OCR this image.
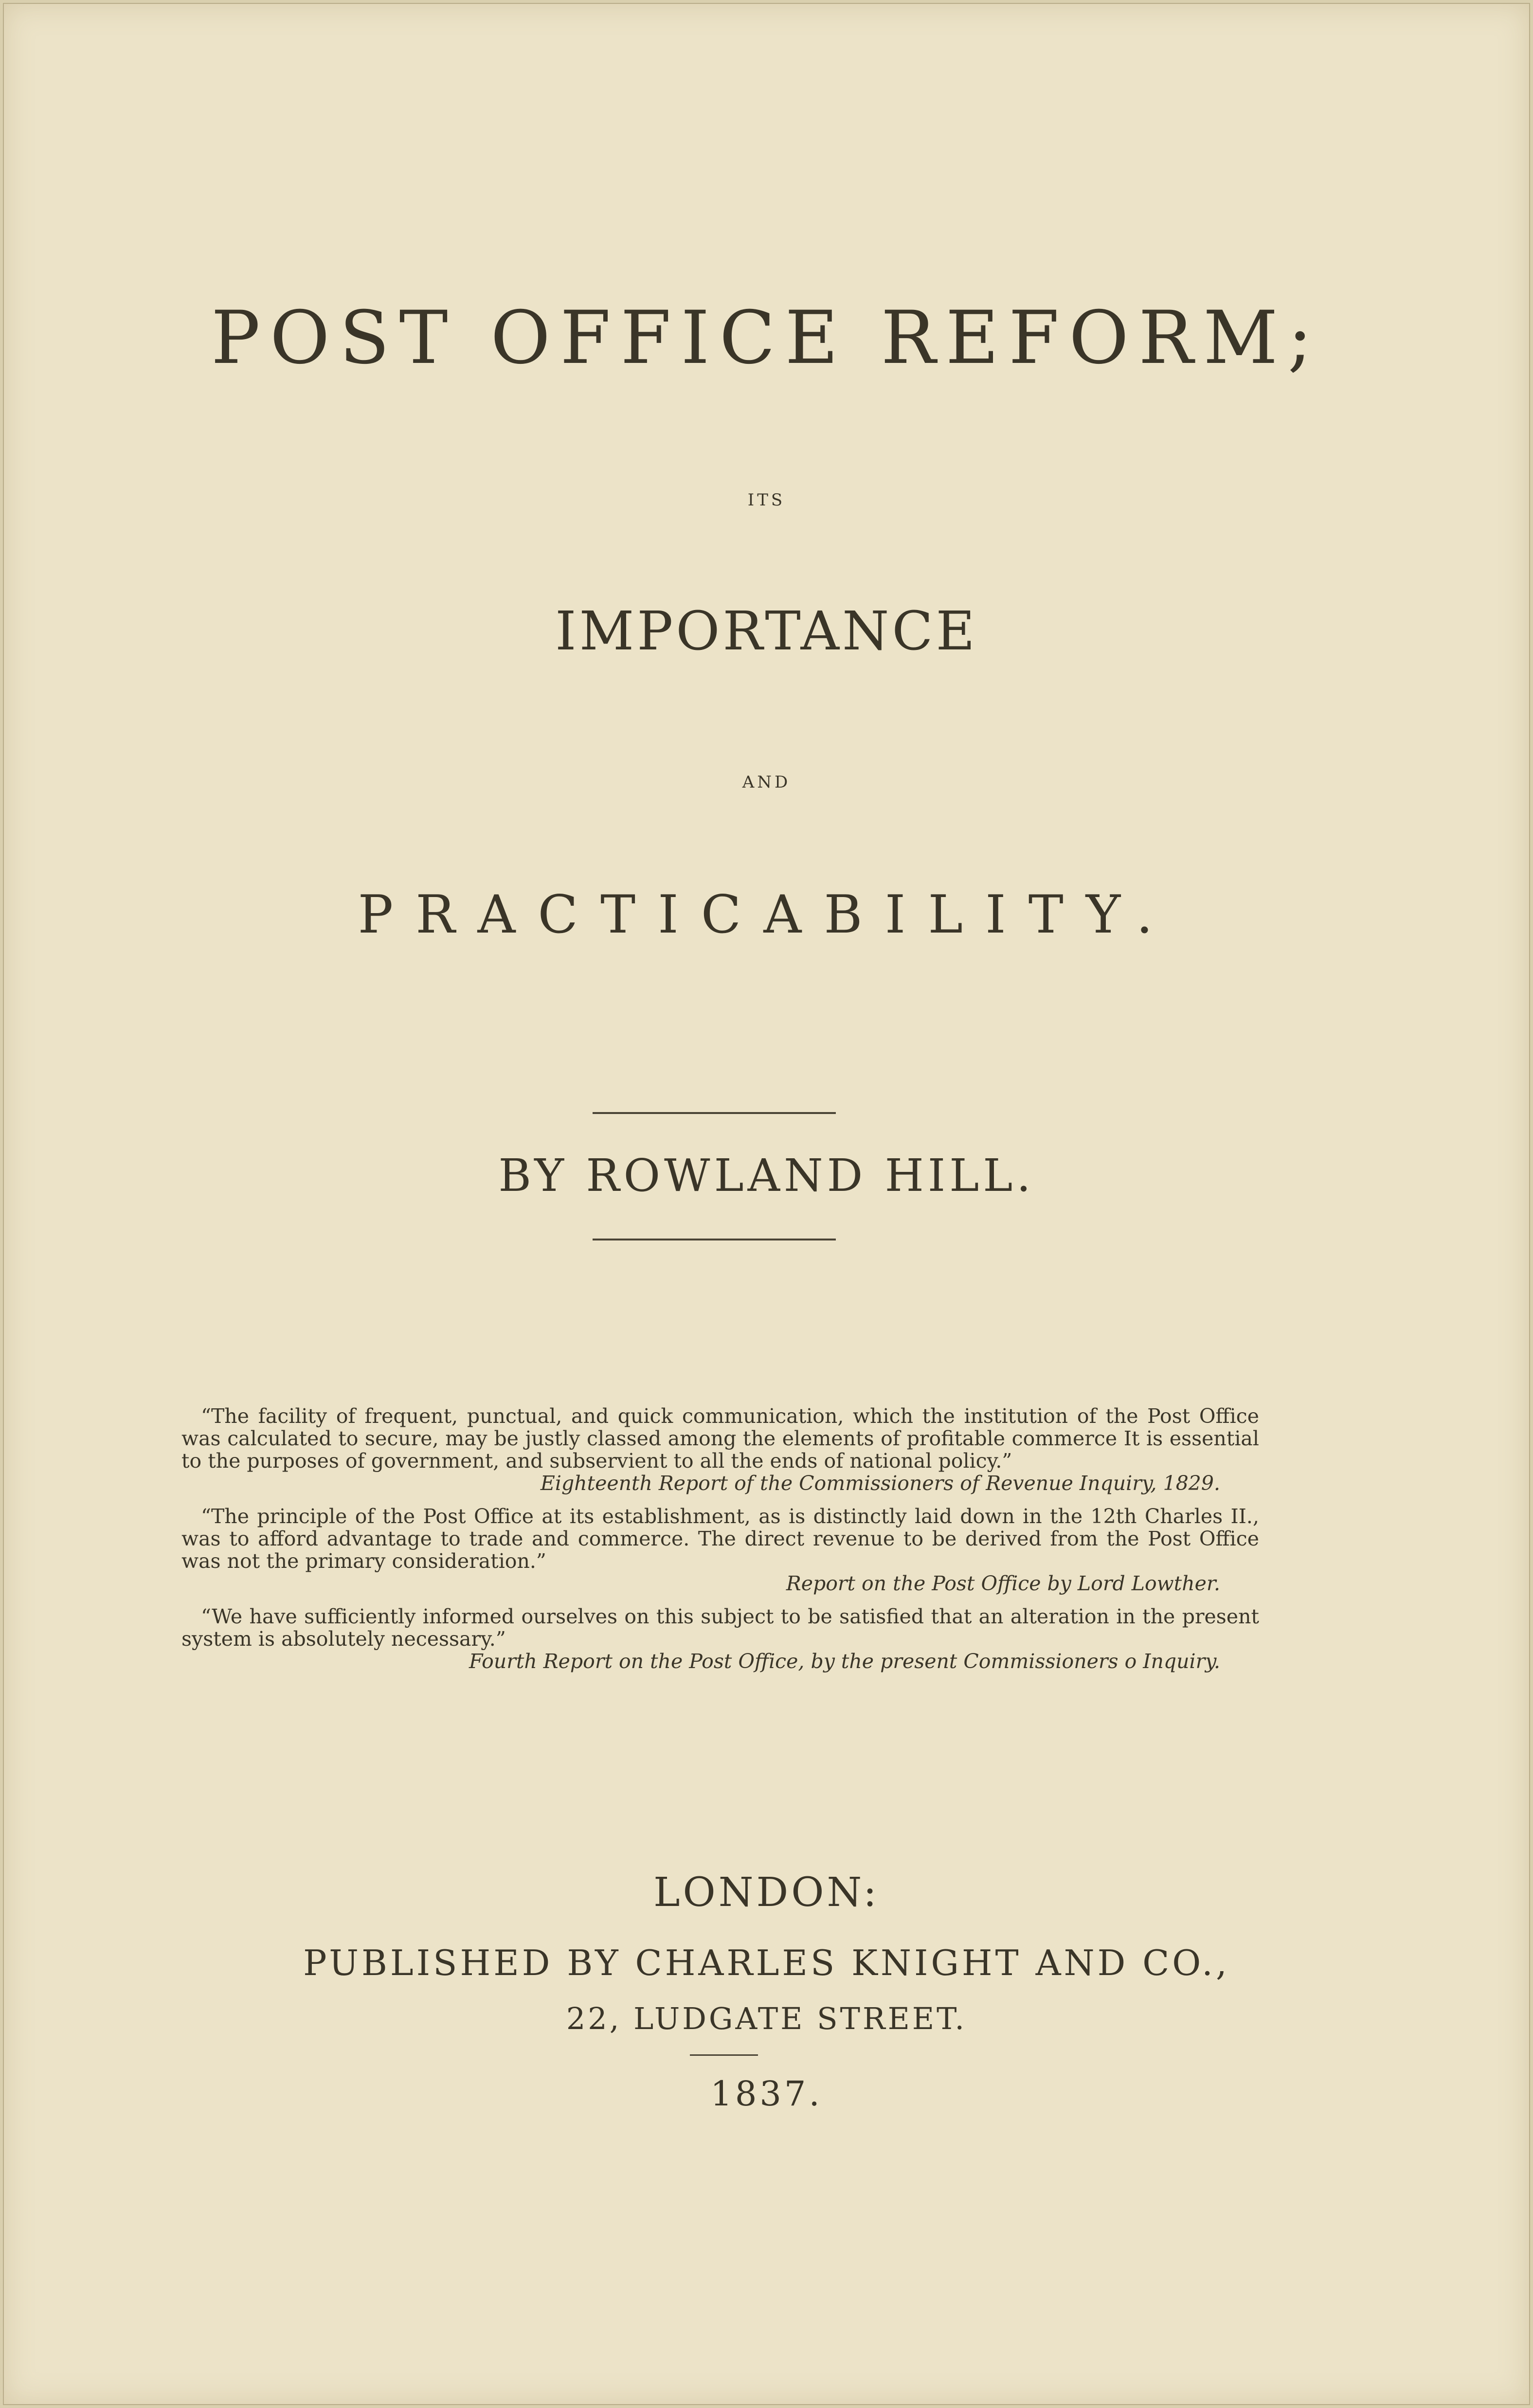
POST OFFICE REFORM;
ITS
IMPORTANCE
AND
PRACTICABILITY.
BY ROWLAND HILL.
“The facility of frequent, punctual, and quick communication, which the institution of the Post Office was calculated to secure, may be justly classed among the elements of profitable commerce It is essential to the purposes of government, and subservient to all the ends of national policy.”
Eighteenth Report of the Commissioners of Revenue Inquiry, 1829.
“The principle of the Post Office at its establishment, as is distinctly laid down in the 12th Charles II., was to afford advantage to trade and commerce. The direct revenue to be derived from the Post Office was not the primary consideration.”
Report on the Post Office by Lord Lowther.
“We have sufficiently informed ourselves on this subject to be satisfied that an alteration in the present system is absolutely necessary.”
Fourth Report on the Post Office, by the present Commissioners o Inquiry.
LONDON:
PUBLISHED BY CHARLES KNIGHT AND CO.,
22, LUDGATE STREET.
1837.
